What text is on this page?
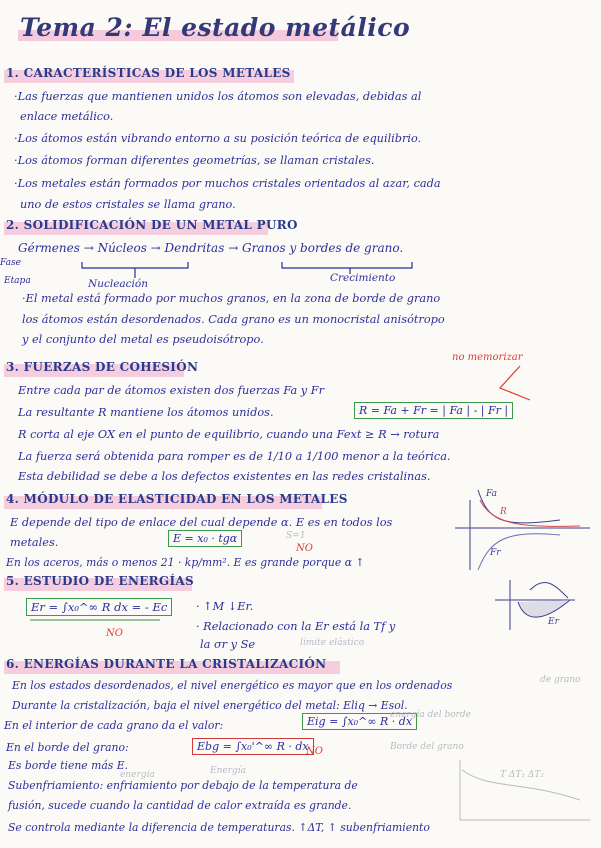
Tema 2: El estado metálico
1. CARACTERÍSTICAS DE LOS METALES
·Las fuerzas que mantienen unidos los átomos son elevadas, debidas al
enlace metálico.
·Los átomos están vibrando entorno a su posición teórica de equilibrio.
·Los átomos forman diferentes geometrías, se llaman cristales.
·Los metales están formados por muchos cristales orientados al azar, cada
uno de estos cristales se llama grano.
2. SOLIDIFICACIÓN DE UN METAL PURO
Gérmenes → Núcleos → Dendritas → Granos y bordes de grano.
Fase
Etapa	Nucleación	Crecimiento
·El metal está formado por muchos granos, en la zona de borde de grano
los átomos están desordenados. Cada grano es un monocristal anisótropo
y el conjunto del metal es pseudoisótropo.
3. FUERZAS DE COHESIÓN
no memorizar
Entre cada par de átomos existen dos fuerzas Fa y Fr
La resultante R mantiene los átomos unidos.	R = Fa + Fr = | Fa | - | Fr |
R corta al eje OX en el punto de equilibrio, cuando una Fext ≥ R → rotura
La fuerza será obtenida para romper es de 1/10 a 1/100 menor a la teórica.
Esta debilidad se debe a los defectos existentes en las redes cristalinas.
4. MÓDULO DE ELASTICIDAD EN LOS METALES
E depende del tipo de enlace del cual depende α. E es en todos los
metales.	E = x₀ · tgα	S=1
NO
En los aceros, más o menos 21 · kp/mm². E es grande porque α ↑
5. ESTUDIO DE ENERGÍAS
Er = ∫x₀^∞ R dx = - Ec
NO
· ↑M ↓Er.
· Relacionado con la Er está la Tf y
la σr y Se	límite elástico
6. ENERGÍAS DURANTE LA CRISTALIZACIÓN
En los estados desordenados, el nivel energético es mayor que en los ordenados
Durante la cristalización, baja el nivel energético del metal: Eliq → Esol.
En el interior de cada grano da el valor:	Eig = ∫x₀^∞ R · dx
En el borde del grano:	Ebg = ∫x₀'^∞ R · dx
NO
Es borde tiene más E.
Subenfriamiento: enfriamiento por debajo de la temperatura de
fusión, sucede cuando la cantidad de calor extraída es grande.
Se controla mediante la diferencia de temperaturas. ↑ΔT, ↑ subenfriamiento
energía del borde
Borde del grano
Energía
energía
de grano
T ΔT₁ ΔT₂
Fa
R
Fr
Er
